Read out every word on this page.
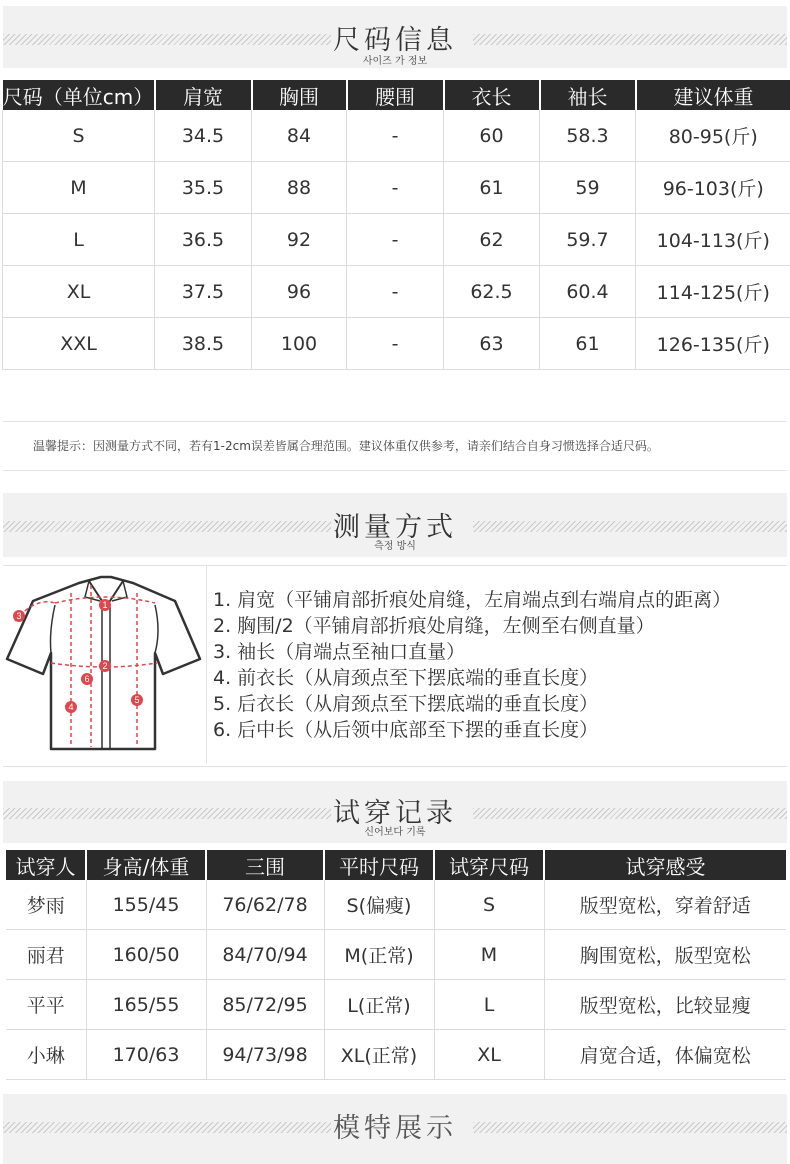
尺码信息
사이즈 가 정보
尺码（单位cm）	肩宽	胸围	腰围	衣长	袖长	建议体重
S	34.5	84	-	60	58.3	80-95(斤)
M	35.5	88	-	61	59	96-103(斤)
L	36.5	92	-	62	59.7	104-113(斤)
XL	37.5	96	-	62.5	60.4	114-125(斤)
XXL	38.5	100	-	63	61	126-135(斤)
温馨提示：因测量方式不同，若有1-2cm误差皆属合理范围。建议体重仅供参考，请亲们结合自身习惯选择合适尺码。
测量方式
측정 방식
1
2
3
4
5
6
1. 肩宽（平铺肩部折痕处肩缝，左肩端点到右端肩点的距离）
2. 胸围/2（平铺肩部折痕处肩缝，左侧至右侧直量）
3. 袖长（肩端点至袖口直量）
4. 前衣长（从肩颈点至下摆底端的垂直长度）
5. 后衣长（从肩颈点至下摆底端的垂直长度）
6. 后中长（从后领中底部至下摆的垂直长度）
试穿记录
신어보다 기록
试穿人	身高/体重	三围	平时尺码	试穿尺码	试穿感受
梦雨	155/45	76/62/78	S(偏瘦)	S	版型宽松，穿着舒适
丽君	160/50	84/70/94	M(正常)	M	胸围宽松，版型宽松
平平	165/55	85/72/95	L(正常)	L	版型宽松，比较显瘦
小琳	170/63	94/73/98	XL(正常)	XL	肩宽合适，体偏宽松
模特展示
